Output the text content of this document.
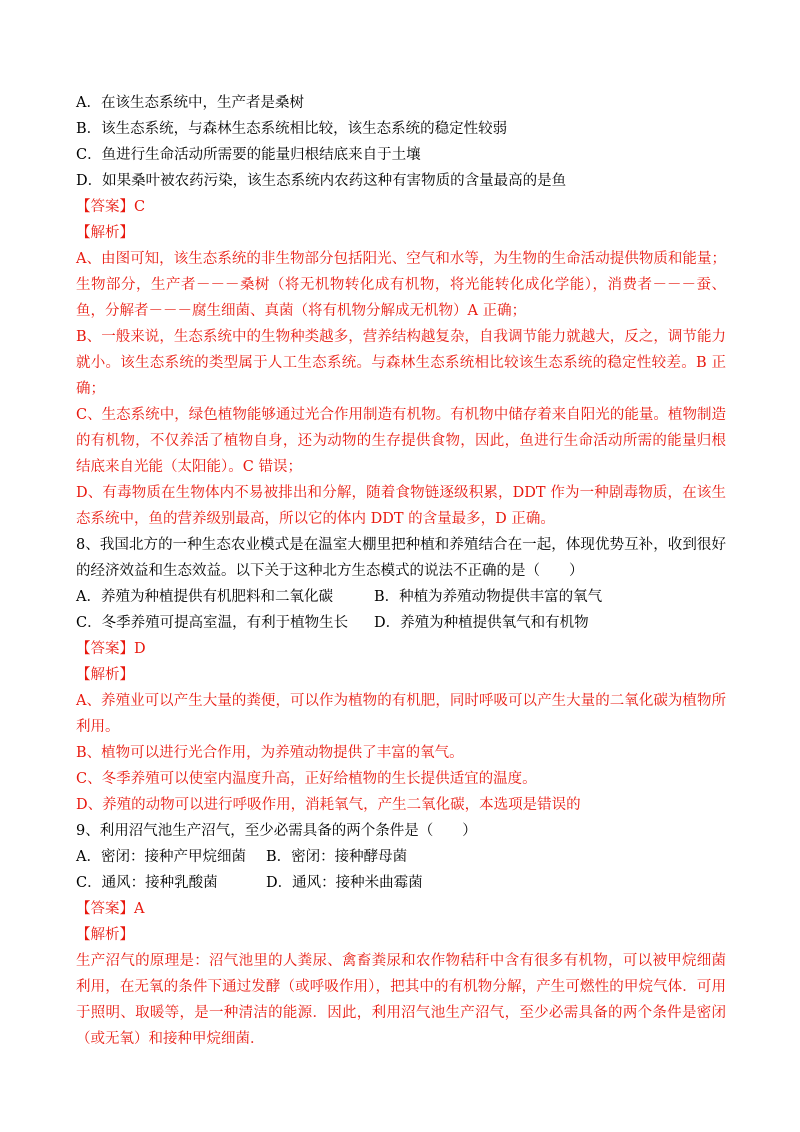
A．在该生态系统中，生产者是桑树
B．该生态系统，与森林生态系统相比较，该生态系统的稳定性较弱
C．鱼进行生命活动所需要的能量归根结底来自于土壤
D．如果桑叶被农药污染，该生态系统内农药这种有害物质的含量最高的是鱼
【答案】C
【解析】
A、由图可知，该生态系统的非生物部分包括阳光、空气和水等，为生物的生命活动提供物质和能量；生物部分，生产者－－－桑树（将无机物转化成有机物，将光能转化成化学能），消费者－－－蚕、鱼，分解者－－－腐生细菌、真菌（将有机物分解成无机物）A 正确；
B、一般来说，生态系统中的生物种类越多，营养结构越复杂，自我调节能力就越大，反之，调节能力就小。该生态系统的类型属于人工生态系统。与森林生态系统相比较该生态系统的稳定性较差。B 正确；
C、生态系统中，绿色植物能够通过光合作用制造有机物。有机物中储存着来自阳光的能量。植物制造的有机物，不仅养活了植物自身，还为动物的生存提供食物，因此，鱼进行生命活动所需的能量归根结底来自光能（太阳能）。C 错误；
D、有毒物质在生物体内不易被排出和分解，随着食物链逐级积累，DDT 作为一种剧毒物质，在该生态系统中，鱼的营养级别最高，所以它的体内 DDT 的含量最多，D 正确。
8、我国北方的一种生态农业模式是在温室大棚里把种植和养殖结合在一起，体现优势互补，收到很好的经济效益和生态效益。以下关于这种北方生态模式的说法不正确的是（　　）
A．养殖为种植提供有机肥料和二氧化碳	B．种植为养殖动物提供丰富的氧气
C．冬季养殖可提高室温，有利于植物生长	D．养殖为种植提供氧气和有机物
【答案】D
【解析】
A、养殖业可以产生大量的粪便，可以作为植物的有机肥，同时呼吸可以产生大量的二氧化碳为植物所利用。
B、植物可以进行光合作用，为养殖动物提供了丰富的氧气。
C、冬季养殖可以使室内温度升高，正好给植物的生长提供适宜的温度。
D、养殖的动物可以进行呼吸作用，消耗氧气，产生二氧化碳，本选项是错误的
9、利用沼气池生产沼气，至少必需具备的两个条件是（　　）
A．密闭：接种产甲烷细菌	B．密闭：接种酵母菌
C．通风：接种乳酸菌	D．通风：接种米曲霉菌
【答案】A
【解析】
生产沼气的原理是：沼气池里的人粪尿、禽畜粪尿和农作物秸秆中含有很多有机物，可以被甲烷细菌利用，在无氧的条件下通过发酵（或呼吸作用），把其中的有机物分解，产生可燃性的甲烷气体．可用于照明、取暖等，是一种清洁的能源．因此，利用沼气池生产沼气，至少必需具备的两个条件是密闭（或无氧）和接种甲烷细菌．
